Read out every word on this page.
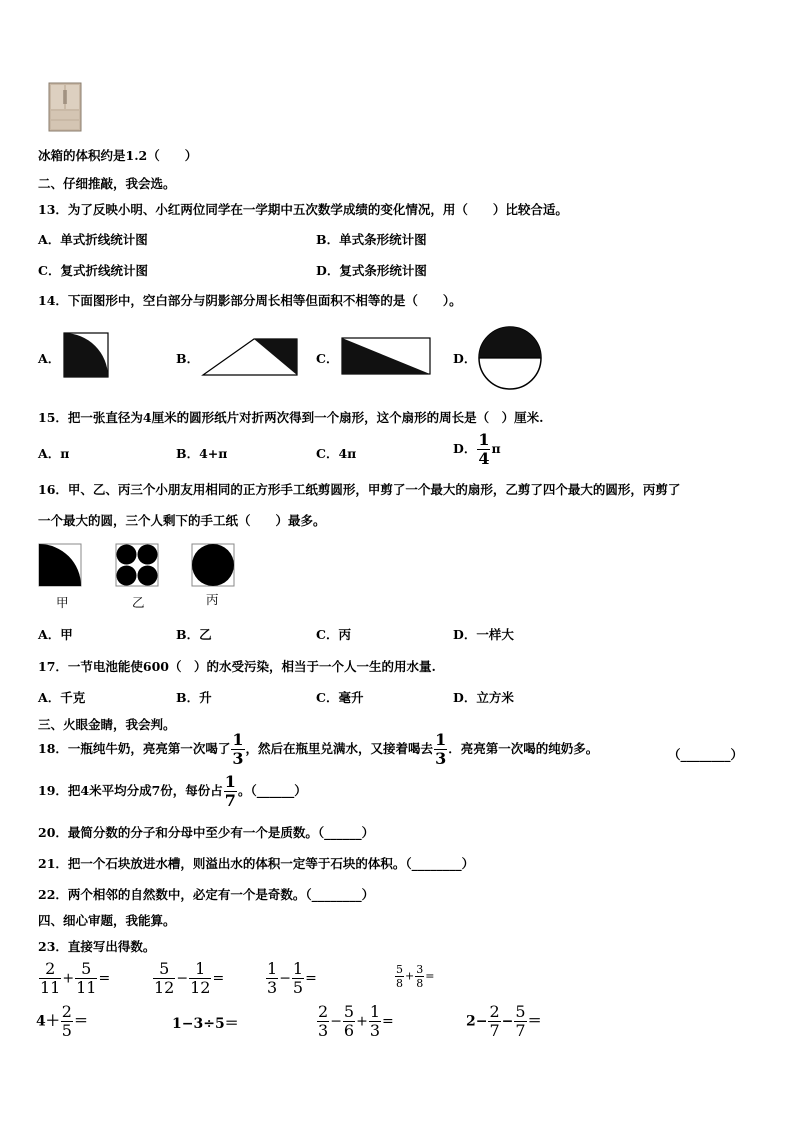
冰箱的体积约是1.2（　　）
二、仔细推敲，我会选。
13．为了反映小明、小红两位同学在一学期中五次数学成绩的变化情况，用（　　）比较合适。
A．单式折线统计图	B．单式条形统计图
C．复式折线统计图	D．复式条形统计图
14．下面图形中，空白部分与阴影部分周长相等但面积不相等的是（　　）。
A．	B．	C．	D．
15．把一张直径为4厘米的圆形纸片对折两次得到一个扇形，这个扇形的周长是（　）厘米.
A．π	B．4+π	C．4π	D． $\frac{1}{4}$ π
16．甲、乙、丙三个小朋友用相同的正方形手工纸剪圆形，甲剪了一个最大的扇形，乙剪了四个最大的圆形，丙剪了
一个最大的圆，三个人剩下的手工纸（　　）最多。
甲	乙	丙
A．甲	B．乙	C．丙	D．一样大
17．一节电池能使600（　）的水受污染，相当于一个人一生的用水量.
A．千克	B．升	C．毫升	D．立方米
三、火眼金睛，我会判。
18．一瓶纯牛奶，亮亮第一次喝了 $\frac{1}{3}$ ，然后在瓶里兑满水，又接着喝去 $\frac{1}{3}$ ．亮亮第一次喝的纯奶多。	（________）
19．把4米平均分成7份，每份占 $\frac{1}{7}$ 。（______）
20．最简分数的分子和分母中至少有一个是质数。（______）
21．把一个石块放进水槽，则溢出水的体积一定等于石块的体积。（________）
22．两个相邻的自然数中，必定有一个是奇数。（________）
四、细心审题，我能算。
23．直接写出得数。
$\frac{2}{11} + \frac{5}{11}$ =	$\frac{5}{12} - \frac{1}{12}$ =	$\frac{1}{3} - \frac{1}{5}$ =	$\frac{5}{8} + \frac{3}{8}$ =
$4+ \frac{2}{5}$ ＝	1−3÷5＝	$\frac{2}{3} - \frac{5}{6} + \frac{1}{3}$ =	$2- \frac{2}{7} - \frac{5}{7}$ ＝
